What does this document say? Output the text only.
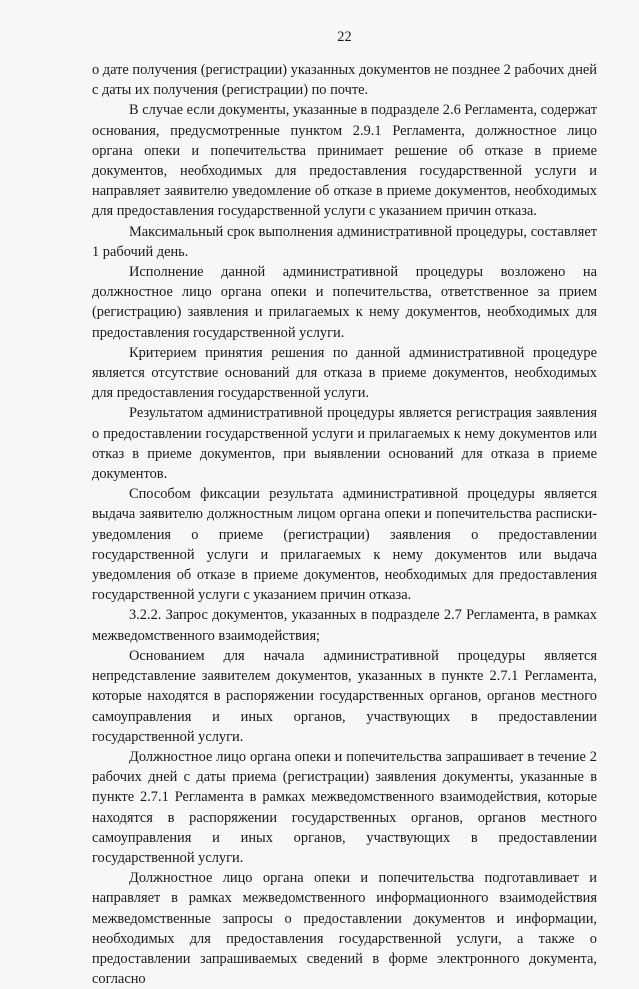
22

о дате получения (регистрации) указанных документов не позднее 2 рабочих дней с даты их получения (регистрации) по почте.

В случае если документы, указанные в подразделе 2.6 Регламента, содержат основания, предусмотренные пунктом 2.9.1 Регламента, должностное лицо органа опеки и попечительства принимает решение об отказе в приеме документов, необходимых для предоставления государственной услуги и направляет заявителю уведомление об отказе в приеме документов, необходимых для предоставления государственной услуги с указанием причин отказа.

Максимальный срок выполнения административной процедуры, составляет 1 рабочий день.

Исполнение данной административной процедуры возложено на должностное лицо органа опеки и попечительства, ответственное за прием (регистрацию) заявления и прилагаемых к нему документов, необходимых для предоставления государственной услуги.

Критерием принятия решения по данной административной процедуре является отсутствие оснований для отказа в приеме документов, необходимых для предоставления государственной услуги.

Результатом административной процедуры является регистрация заявления о предоставлении государственной услуги и прилагаемых к нему документов или отказ в приеме документов, при выявлении оснований для отказа в приеме документов.

Способом фиксации результата административной процедуры является выдача заявителю должностным лицом органа опеки и попечительства расписки-уведомления о приеме (регистрации) заявления о предоставлении государственной услуги и прилагаемых к нему документов или выдача уведомления об отказе в приеме документов, необходимых для предоставления государственной услуги с указанием причин отказа.

3.2.2. Запрос документов, указанных в подразделе 2.7 Регламента, в рамках межведомственного взаимодействия;

Основанием для начала административной процедуры является непредставление заявителем документов, указанных в пункте 2.7.1 Регламента, которые находятся в распоряжении государственных органов, органов местного самоуправления и иных органов, участвующих в предоставлении государственной услуги.

Должностное лицо органа опеки и попечительства запрашивает в течение 2 рабочих дней с даты приема (регистрации) заявления документы, указанные в пункте 2.7.1 Регламента в рамках межведомственного взаимодействия, которые находятся в распоряжении государственных органов, органов местного самоуправления и иных органов, участвующих в предоставлении государственной услуги.

Должностное лицо органа опеки и попечительства подготавливает и направляет в рамках межведомственного информационного взаимодействия межведомственные запросы о предоставлении документов и информации, необходимых для предоставления государственной услуги, а также о предоставлении запрашиваемых сведений в форме электронного документа, согласно
